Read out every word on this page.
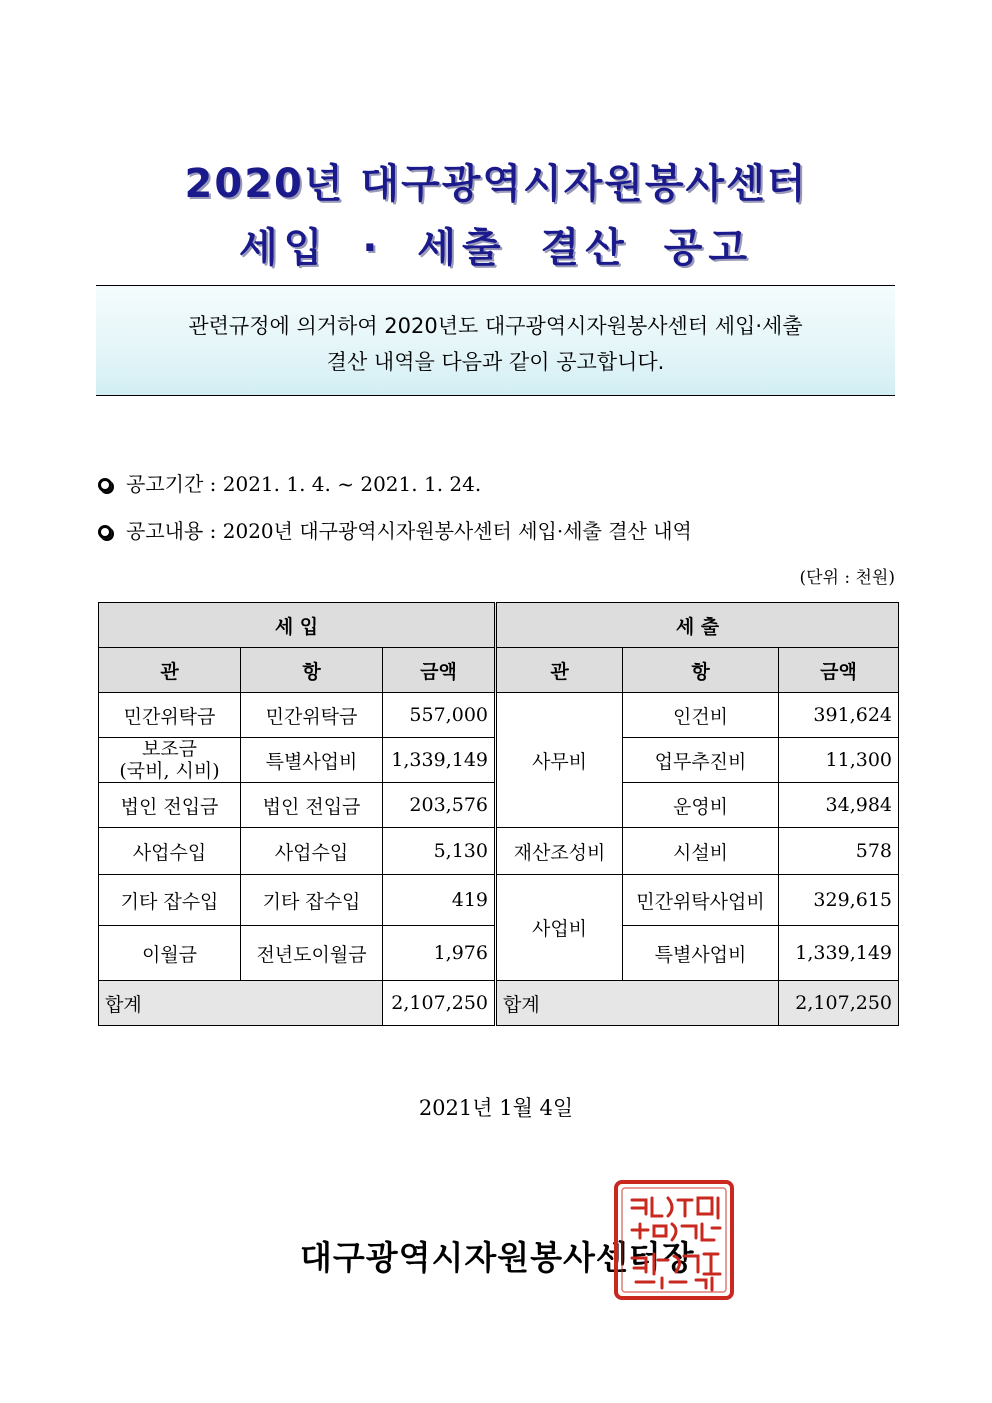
2020년 대구광역시자원봉사센터
세입 · 세출 결산 공고

관련규정에 의거하여 2020년도 대구광역시자원봉사센터 세입·세출

결산 내역을 다음과 같이 공고합니다.

공고기간 : 2021. 1. 4. ~ 2021. 1. 24.
공고내용 : 2020년 대구광역시자원봉사센터 세입·세출 결산 내역
(단위 : 천원)
세 입			세 출		
관	항	금액	관	항	금액
민간위탁금	민간위탁금	557,000	사무비	인건비	391,624
보조금
(국비, 시비)	특별사업비	1,339,149		업무추진비	11,300
법인 전입금	법인 전입금	203,576		운영비	34,984
사업수입	사업수입	5,130	재산조성비	시설비	578
기타 잡수입	기타 잡수입	419	사업비	민간위탁사업비	329,615
이월금	전년도이월금	1,976		특별사업비	1,339,149
합계		2,107,250	합계		2,107,250
2021년 1월 4일
대구광역시자원봉사센터장
